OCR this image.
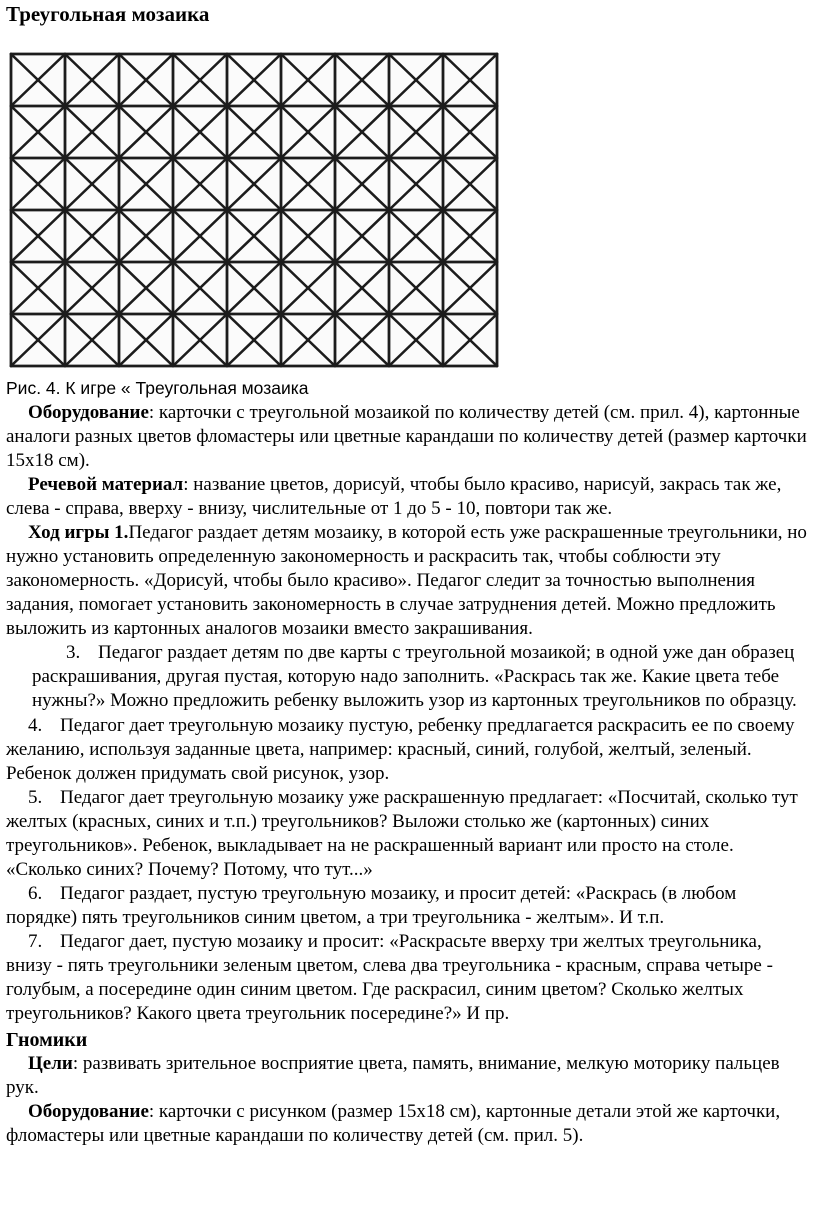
Треугольная мозаика
Рис. 4. К игре « Треугольная мозаика

Оборудование: карточки с треугольной мозаикой по количеству детей (см. прил. 4), картонные аналоги разных цветов фломастеры или цветные карандаши по количеству детей (размер карточки 15x18 см).

Речевой материал: название цветов, дорисуй, чтобы было красиво, нарисуй, закрась так же, слева - справа, вверху - внизу, числительные от 1 до 5 - 10, повтори так же.

Ход игры 1.Педагог раздает детям мозаику, в которой есть уже раскрашенные треугольники, но нужно установить определенную закономерность и раскрасить так, чтобы соблюсти эту закономерность. «Дорисуй, чтобы было красиво». Педагог следит за точностью выполнения задания, помогает установить закономерность в случае затруднения детей. Можно предложить выложить из картонных аналогов мозаики вместо закрашивания.

3. Педагог раздает детям по две карты с треугольной мозаикой; в одной уже дан образец раскрашивания, другая пустая, которую надо заполнить. «Раскрась так же. Какие цвета тебе нужны?» Можно предложить ребенку выложить узор из картонных треугольников по образцу.

4. Педагог дает треугольную мозаику пустую, ребенку предлагается раскрасить ее по своему желанию, используя заданные цвета, например: красный, синий, голубой, желтый, зеленый. Ребенок должен придумать свой рисунок, узор.

5. Педагог дает треугольную мозаику уже раскрашенную предлагает: «Посчитай, сколько тут желтых (красных, синих и т.п.) треугольников? Выложи столько же (картонных) синих треугольников». Ребенок, выкладывает на не раскрашенный вариант или просто на столе. «Сколько синих? Почему? Потому, что тут...»

6. Педагог раздает, пустую треугольную мозаику, и просит детей: «Раскрась (в любом порядке) пять треугольников синим цветом, а три треугольника - желтым». И т.п.

7. Педагог дает, пустую мозаику и просит: «Раскрасьте вверху три желтых треугольника, внизу - пять треугольники зеленым цветом, слева два треугольника - красным, справа четыре - голубым, а посередине один синим цветом. Где раскрасил, синим цветом? Сколько желтых треугольников? Какого цвета треугольник посередине?» И пр.

Гномики

Цели: развивать зрительное восприятие цвета, память, внимание, мелкую моторику пальцев рук.

Оборудование: карточки с рисунком (размер 15x18 см), картонные детали этой же карточки, фломастеры или цветные карандаши по количеству детей (см. прил. 5).
